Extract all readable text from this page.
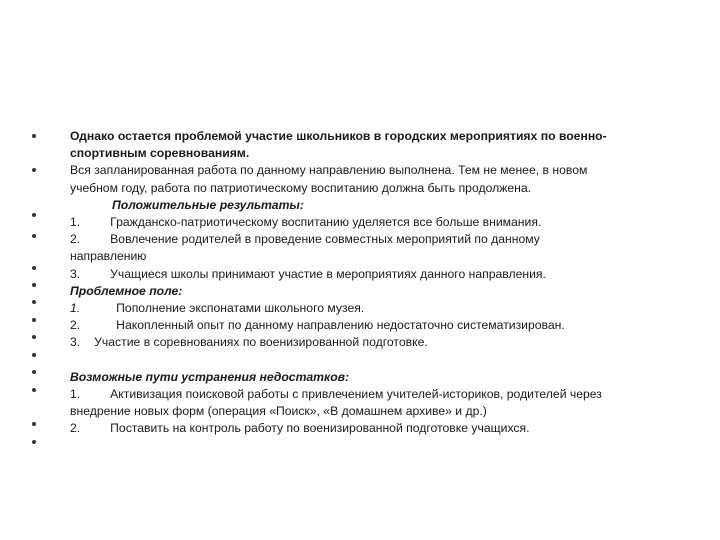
Однако остается проблемой участие школьников в городских мероприятиях по военно-
спортивным соревнованиям.
Вся запланированная работа по данному направлению выполнена. Тем не менее, в новом
учебном году, работа по патриотическому воспитанию должна быть продолжена.
Положительные результаты:
1. Гражданско-патриотическому воспитанию уделяется все больше внимания.
2. Вовлечение родителей в проведение совместных мероприятий по данному
направлению
3. Учащиеся школы принимают участие в мероприятиях данного направления.
Проблемное поле:
1.	Пополнение экспонатами школьного музея.
2.	Накопленный опыт по данному направлению недостаточно систематизирован.
3. Участие в соревнованиях по военизированной подготовке.
Возможные пути устранения недостатков:
1. Активизация поисковой работы с привлечением учителей-историков, родителей через
внедрение новых форм (операция «Поиск», «В домашнем архиве» и др.)
2. Поставить на контроль работу по военизированной подготовке учащихся.
